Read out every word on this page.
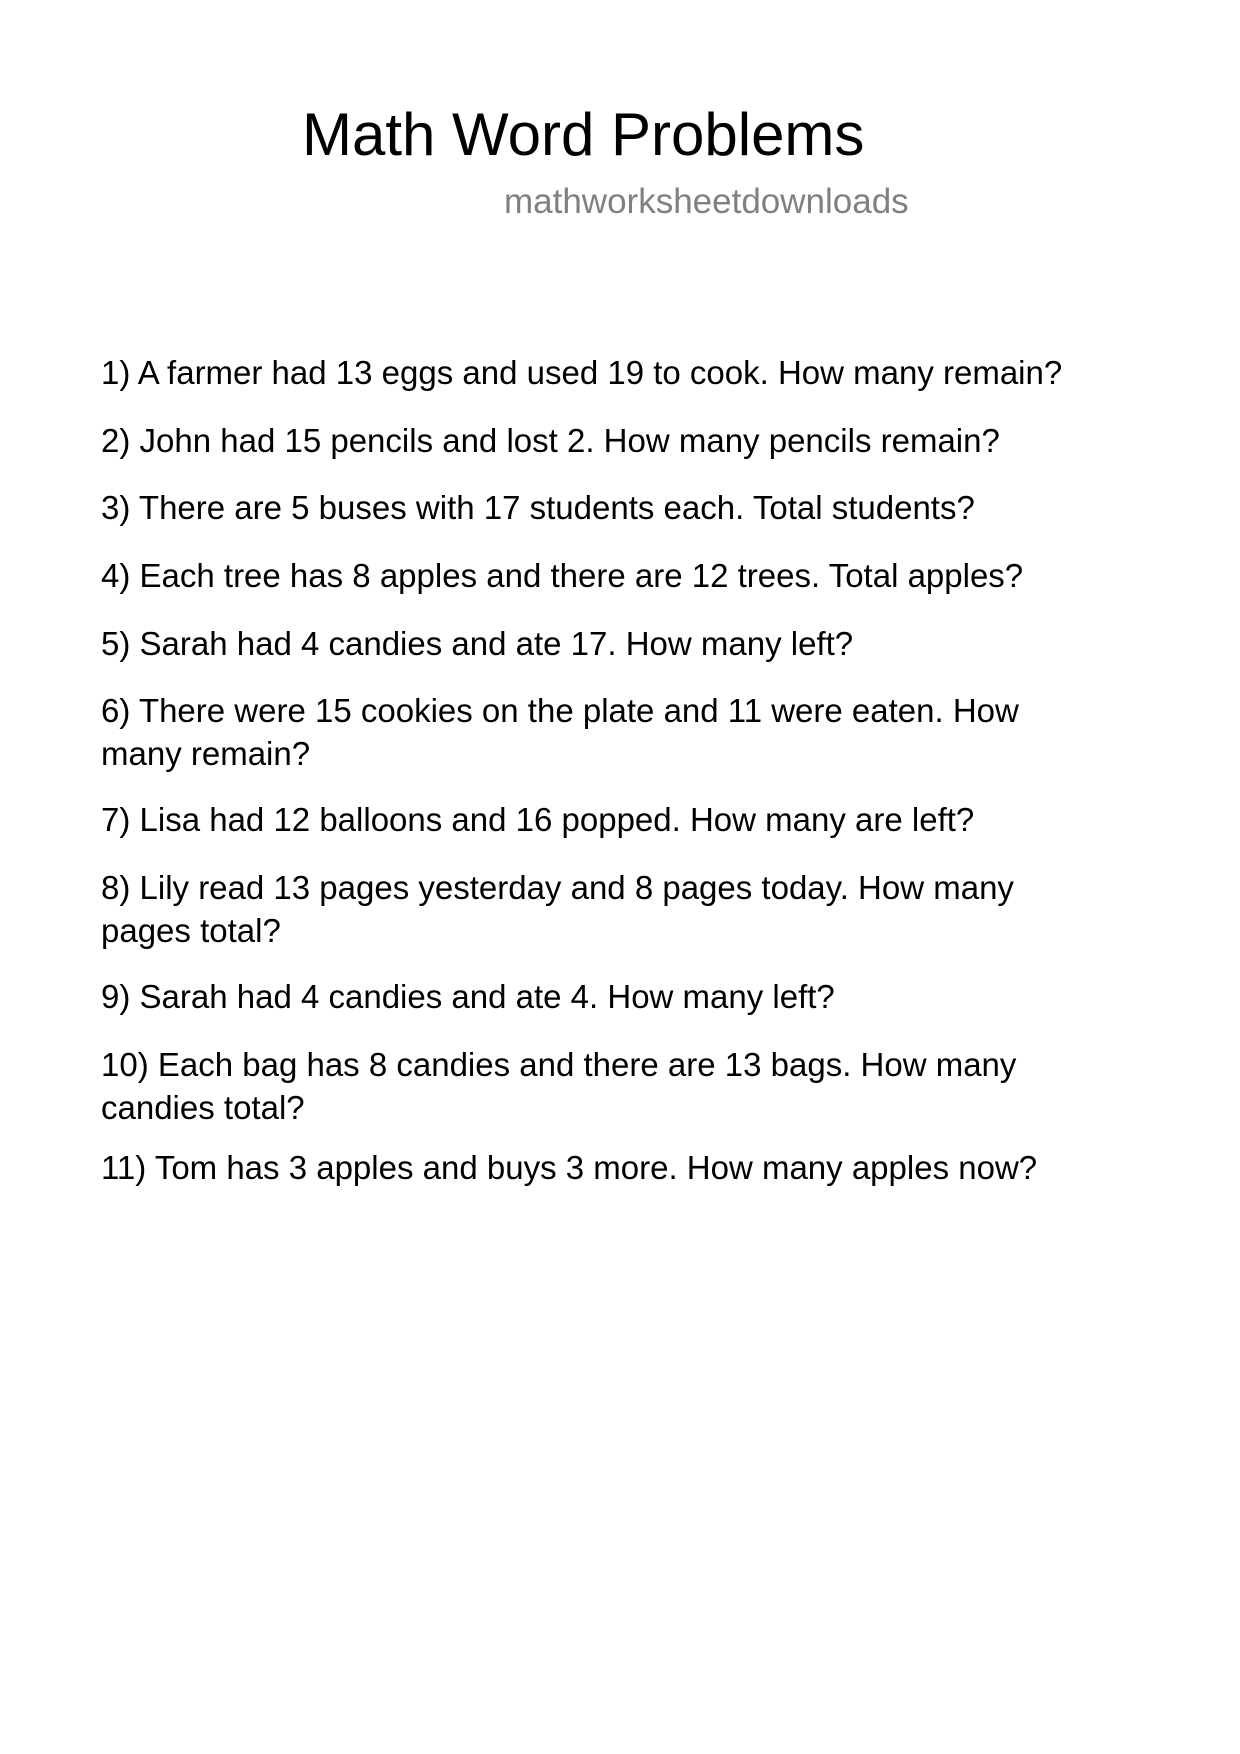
Math Word Problems
mathworksheetdownloads
1) A farmer had 13 eggs and used 19 to cook. How many remain?
2) John had 15 pencils and lost 2. How many pencils remain?
3) There are 5 buses with 17 students each. Total students?
4) Each tree has 8 apples and there are 12 trees. Total apples?
5) Sarah had 4 candies and ate 17. How many left?
6) There were 15 cookies on the plate and 11 were eaten. How
many remain?
7) Lisa had 12 balloons and 16 popped. How many are left?
8) Lily read 13 pages yesterday and 8 pages today. How many
pages total?
9) Sarah had 4 candies and ate 4. How many left?
10) Each bag has 8 candies and there are 13 bags. How many
candies total?
11) Tom has 3 apples and buys 3 more. How many apples now?
